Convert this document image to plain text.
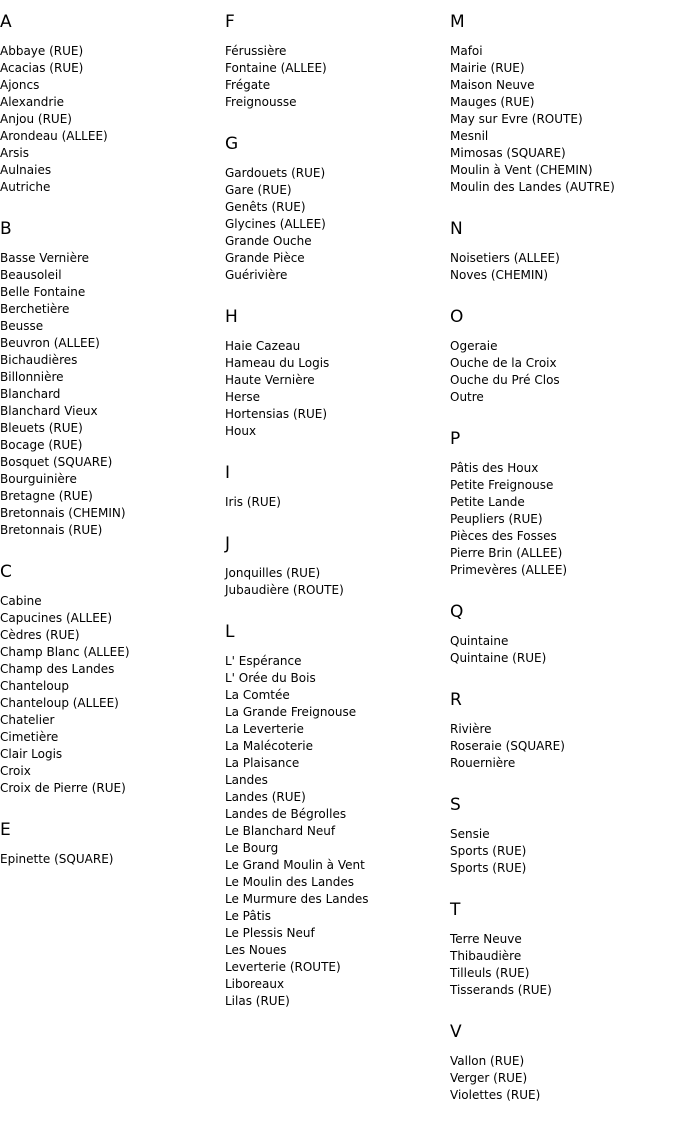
A
Abbaye (RUE)
Acacias (RUE)
Ajoncs
Alexandrie
Anjou (RUE)
Arondeau (ALLEE)
Arsis
Aulnaies
Autriche
B
Basse Vernière
Beausoleil
Belle Fontaine
Berchetière
Beusse
Beuvron (ALLEE)
Bichaudières
Billonnière
Blanchard
Blanchard Vieux
Bleuets (RUE)
Bocage (RUE)
Bosquet (SQUARE)
Bourguinière
Bretagne (RUE)
Bretonnais (CHEMIN)
Bretonnais (RUE)
C
Cabine
Capucines (ALLEE)
Cèdres (RUE)
Champ Blanc (ALLEE)
Champ des Landes
Chanteloup
Chanteloup (ALLEE)
Chatelier
Cimetière
Clair Logis
Croix
Croix de Pierre (RUE)
E
Epinette (SQUARE)
F
Férussière
Fontaine (ALLEE)
Frégate
Freignousse
G
Gardouets (RUE)
Gare (RUE)
Genêts (RUE)
Glycines (ALLEE)
Grande Ouche
Grande Pièce
Guérivière
H
Haie Cazeau
Hameau du Logis
Haute Vernière
Herse
Hortensias (RUE)
Houx
I
Iris (RUE)
J
Jonquilles (RUE)
Jubaudière (ROUTE)
L
L' Espérance
L' Orée du Bois
La Comtée
La Grande Freignouse
La Leverterie
La Malécoterie
La Plaisance
Landes
Landes (RUE)
Landes de Bégrolles
Le Blanchard Neuf
Le Bourg
Le Grand Moulin à Vent
Le Moulin des Landes
Le Murmure des Landes
Le Pâtis
Le Plessis Neuf
Les Noues
Leverterie (ROUTE)
Liboreaux
Lilas (RUE)
M
Mafoi
Mairie (RUE)
Maison Neuve
Mauges (RUE)
May sur Evre (ROUTE)
Mesnil
Mimosas (SQUARE)
Moulin à Vent (CHEMIN)
Moulin des Landes (AUTRE)
N
Noisetiers (ALLEE)
Noves (CHEMIN)
O
Ogeraie
Ouche de la Croix
Ouche du Pré Clos
Outre
P
Pâtis des Houx
Petite Freignouse
Petite Lande
Peupliers (RUE)
Pièces des Fosses
Pierre Brin (ALLEE)
Primevères (ALLEE)
Q
Quintaine
Quintaine (RUE)
R
Rivière
Roseraie (SQUARE)
Rouernière
S
Sensie
Sports (RUE)
Sports (RUE)
T
Terre Neuve
Thibaudière
Tilleuls (RUE)
Tisserands (RUE)
V
Vallon (RUE)
Verger (RUE)
Violettes (RUE)
